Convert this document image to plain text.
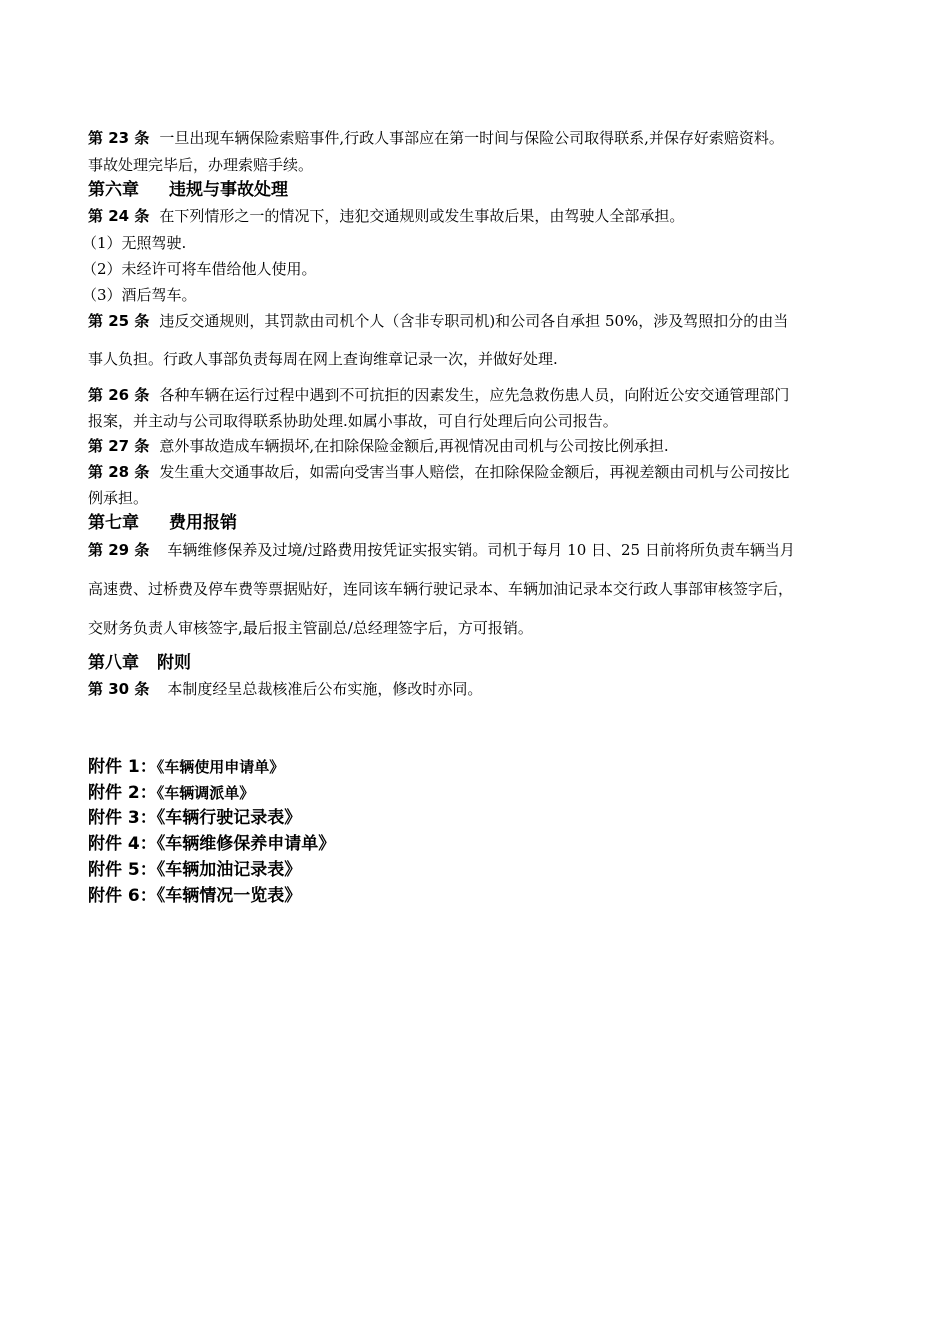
第 23 条 一旦出现车辆保险索赔事件,行政人事部应在第一时间与保险公司取得联系,并保存好索赔资料。
事故处理完毕后，办理索赔手续。
第六章 违规与事故处理
第 24 条 在下列情形之一的情况下，违犯交通规则或发生事故后果，由驾驶人全部承担。
（1）无照驾驶.
（2）未经许可将车借给他人使用。
（3）酒后驾车。
第 25 条 违反交通规则，其罚款由司机个人（含非专职司机)和公司各自承担 50%，涉及驾照扣分的由当
事人负担。行政人事部负责每周在网上查询维章记录一次，并做好处理.
第 26 条 各种车辆在运行过程中遇到不可抗拒的因素发生，应先急救伤患人员，向附近公安交通管理部门
报案，并主动与公司取得联系协助处理.如属小事故，可自行处理后向公司报告。
第 27 条 意外事故造成车辆损坏,在扣除保险金额后,再视情况由司机与公司按比例承担.
第 28 条 发生重大交通事故后，如需向受害当事人赔偿，在扣除保险金额后，再视差额由司机与公司按比
例承担。
第七章 费用报销
第 29 条 车辆维修保养及过境/过路费用按凭证实报实销。司机于每月 10 日、25 日前将所负责车辆当月
高速费、过桥费及停车费等票据贴好，连同该车辆行驶记录本、车辆加油记录本交行政人事部审核签字后，
交财务负责人审核签字,最后报主管副总/总经理签字后，方可报销。
第八章 附则
第 30 条 本制度经呈总裁核准后公布实施，修改时亦同。
附件 1：《车辆使用申请单》
附件 2：《车辆调派单》
附件 3：《车辆行驶记录表》
附件 4：《车辆维修保养申请单》
附件 5：《车辆加油记录表》
附件 6：《车辆情况一览表》
